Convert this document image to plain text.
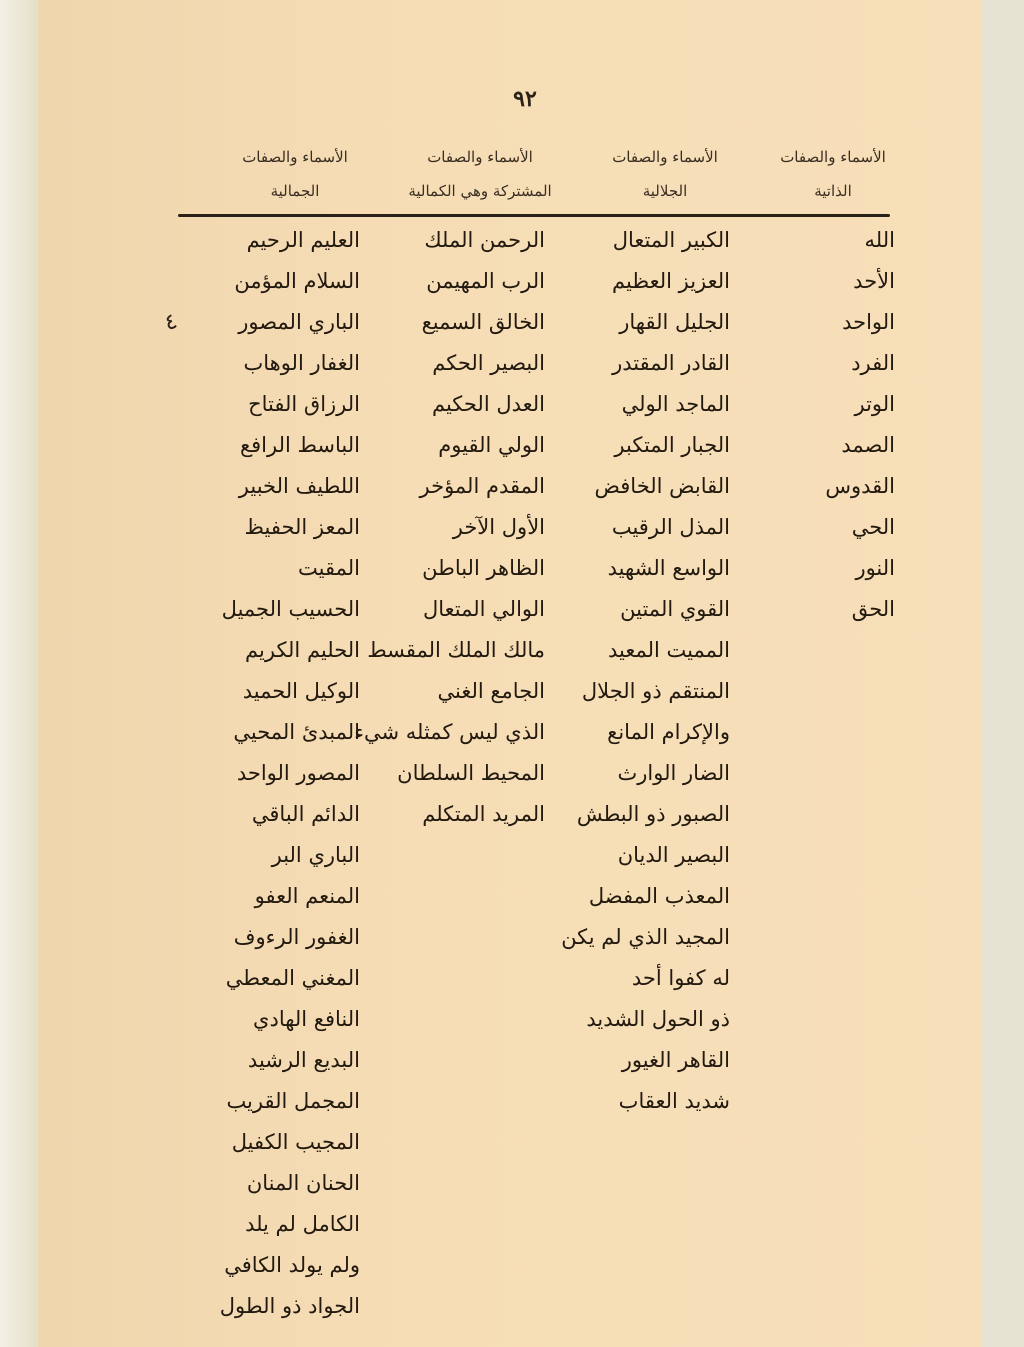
٩٢
الأسماء والصفات
الذاتية
الأسماء والصفات
الجلالية
الأسماء والصفات
المشتركة وهي الكمالية
الأسماء والصفات
الجمالية
الله
الأحد
الواحد
الفرد
الوتر
الصمد
القدوس
الحي
النور
الحق
الكبير المتعال
العزيز العظيم
الجليل القهار
القادر المقتدر
الماجد الولي
الجبار المتكبر
القابض الخافض
المذل الرقيب
الواسع الشهيد
القوي المتين
المميت المعيد
المنتقم ذو الجلال
والإكرام المانع
الضار الوارث
الصبور ذو البطش
البصير الديان
المعذب المفضل
المجيد الذي لم يكن
له كفوا أحد
ذو الحول الشديد
القاهر الغيور
شديد العقاب
الرحمن الملك
الرب المهيمن
الخالق السميع
البصير الحكم
العدل الحكيم
الولي القيوم
المقدم المؤخر
الأول الآخر
الظاهر الباطن
الوالي المتعال
مالك الملك المقسط
الجامع الغني
الذي ليس كمثله شيء
المحيط السلطان
المريد المتكلم
العليم الرحيم
السلام المؤمن
الباري المصور
الغفار الوهاب
الرزاق الفتاح
الباسط الرافع
اللطيف الخبير
المعز الحفيظ
المقيت
الحسيب الجميل
الحليم الكريم
الوكيل الحميد
المبدئ المحيي
المصور الواحد
الدائم الباقي
الباري البر
المنعم العفو
الغفور الرءوف
المغني المعطي
النافع الهادي
البديع الرشيد
المجمل القريب
المجيب الكفيل
الحنان المنان
الكامل لم يلد
ولم يولد الكافي
الجواد ذو الطول
٤
